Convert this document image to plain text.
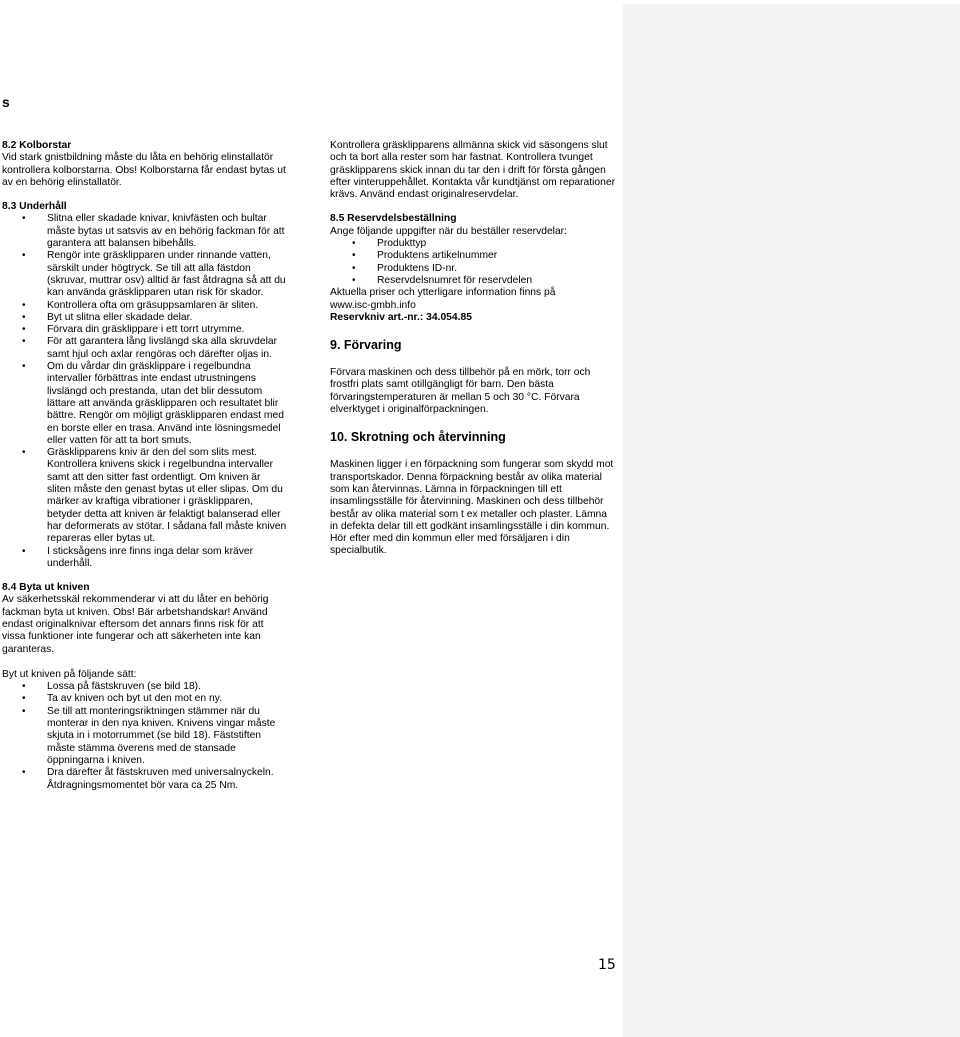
s

8.2 Kolborstar

Vid stark gnistbildning måste du låta en behörig elinstallatör kontrollera kolborstarna. Obs! Kolborstarna får endast bytas ut av en behörig elinstallatör.

8.3 Underhåll

• Slitna eller skadade knivar, knivfästen och bultar måste bytas ut satsvis av en behörig fackman för att garantera att balansen bibehålls.
• Rengör inte gräsklipparen under rinnande vatten, särskilt under högtryck. Se till att alla fästdon (skruvar, muttrar osv) alltid är fast åtdragna så att du kan använda gräsklipparen utan risk för skador.
• Kontrollera ofta om gräsuppsamlaren är sliten.
• Byt ut slitna eller skadade delar.
• Förvara din gräsklippare i ett torrt utrymme.
• För att garantera lång livslängd ska alla skruvdelar samt hjul och axlar rengöras och därefter oljas in.
• Om du vårdar din gräsklippare i regelbundna intervaller förbättras inte endast utrustningens livslängd och prestanda, utan det blir dessutom lättare att använda gräsklipparen och resultatet blir bättre. Rengör om möjligt gräsklipparen endast med en borste eller en trasa. Använd inte lösningsmedel eller vatten för att ta bort smuts.
• Gräsklipparens kniv är den del som slits mest. Kontrollera knivens skick i regelbundna intervaller samt att den sitter fast ordentligt. Om kniven är sliten måste den genast bytas ut eller slipas. Om du märker av kraftiga vibrationer i gräsklipparen, betyder detta att kniven är felaktigt balanserad eller har deformerats av stötar. I sådana fall måste kniven repareras eller bytas ut.
• I sticksågens inre finns inga delar som kräver underhåll.

8.4 Byta ut kniven

Av säkerhetsskäl rekommenderar vi att du låter en behörig fackman byta ut kniven. Obs! Bär arbetshandskar! Använd endast originalknivar eftersom det annars finns risk för att vissa funktioner inte fungerar och att säkerheten inte kan garanteras.

Byt ut kniven på följande sätt:

• Lossa på fästskruven (se bild 18).
• Ta av kniven och byt ut den mot en ny.
• Se till att monteringsriktningen stämmer när du monterar in den nya kniven. Knivens vingar måste skjuta in i motorrummet (se bild 18). Fäststiften måste stämma överens med de stansade öppningarna i kniven.
• Dra därefter åt fästskruven med universalnyckeln. Åtdragningsmomentet bör vara ca 25 Nm.

Kontrollera gräsklipparens allmänna skick vid säsongens slut och ta bort alla rester som har fastnat. Kontrollera tvunget gräsklipparens skick innan du tar den i drift för första gången efter vinteruppehållet. Kontakta vår kundtjänst om reparationer krävs. Använd endast originalreservdelar.

8.5 Reservdelsbeställning

Ange följande uppgifter när du beställer reservdelar:

• Produkttyp
• Produktens artikelnummer
• Produktens ID-nr.
• Reservdelsnumret för reservdelen

Aktuella priser och ytterligare information finns på

www.isc-gmbh.info

Reservkniv art.-nr.: 34.054.85

9. Förvaring

Förvara maskinen och dess tillbehör på en mörk, torr och frostfri plats samt otillgängligt för barn. Den bästa förvaringstemperaturen är mellan 5 och 30 °C. Förvara elverktyget i originalförpackningen.

10. Skrotning och återvinning

Maskinen ligger i en förpackning som fungerar som skydd mot transportskador. Denna förpackning består av olika material som kan återvinnas. Lämna in förpackningen till ett insamlingsställe för återvinning. Maskinen och dess tillbehör består av olika material som t ex metaller och plaster. Lämna in defekta delar till ett godkänt insamlingsställe i din kommun. Hör efter med din kommun eller med försäljaren i din specialbutik.

15
